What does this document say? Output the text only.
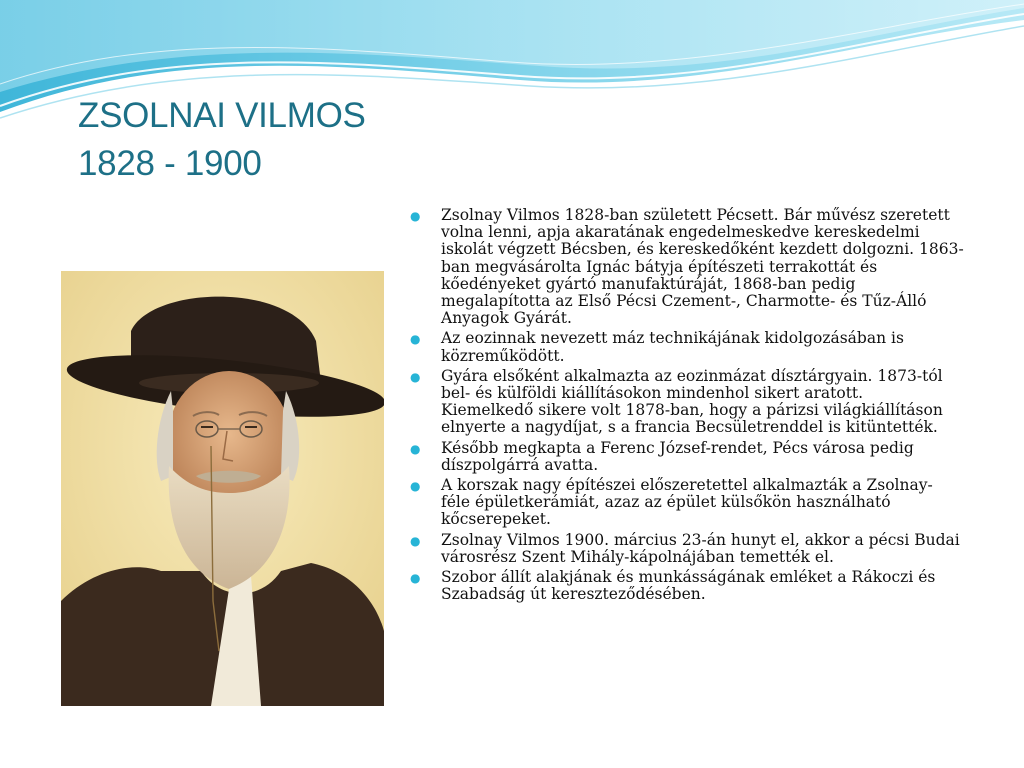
ZSOLNAI VILMOS
1828 - 1900
● Zsolnay Vilmos 1828-ban született Pécsett. Bár művész szeretett
volna lenni, apja akaratának engedelmeskedve kereskedelmi
iskolát végzett Bécsben, és kereskedőként kezdett dolgozni. 1863-
ban megvásárolta Ignác bátyja építészeti terrakottát és
kőedényeket gyártó manufaktúráját, 1868-ban pedig
megalapította az Első Pécsi Czement-, Charmotte- és Tűz-Álló
Anyagok Gyárát.
● Az eozinnak nevezett máz technikájának kidolgozásában is
közreműködött.
● Gyára elsőként alkalmazta az eozinmázat dísztárgyain. 1873-tól
bel- és külföldi kiállításokon mindenhol sikert aratott.
Kiemelkedő sikere volt 1878-ban, hogy a párizsi világkiállításon
elnyerte a nagydíjat, s a francia Becsületrenddel is kitüntették.
● Később megkapta a Ferenc József-rendet, Pécs városa pedig
díszpolgárrá avatta.
● A korszak nagy építészei előszeretettel alkalmazták a Zsolnay-
féle épületkerámiát, azaz az épület külsőkön használható
kőcserepeket.
● Zsolnay Vilmos 1900. március 23-án hunyt el, akkor a pécsi Budai
városrész Szent Mihály-kápolnájában temették el.
● Szobor állít alakjának és munkásságának emléket a Rákoczi és
Szabadság út kereszteződésében.
